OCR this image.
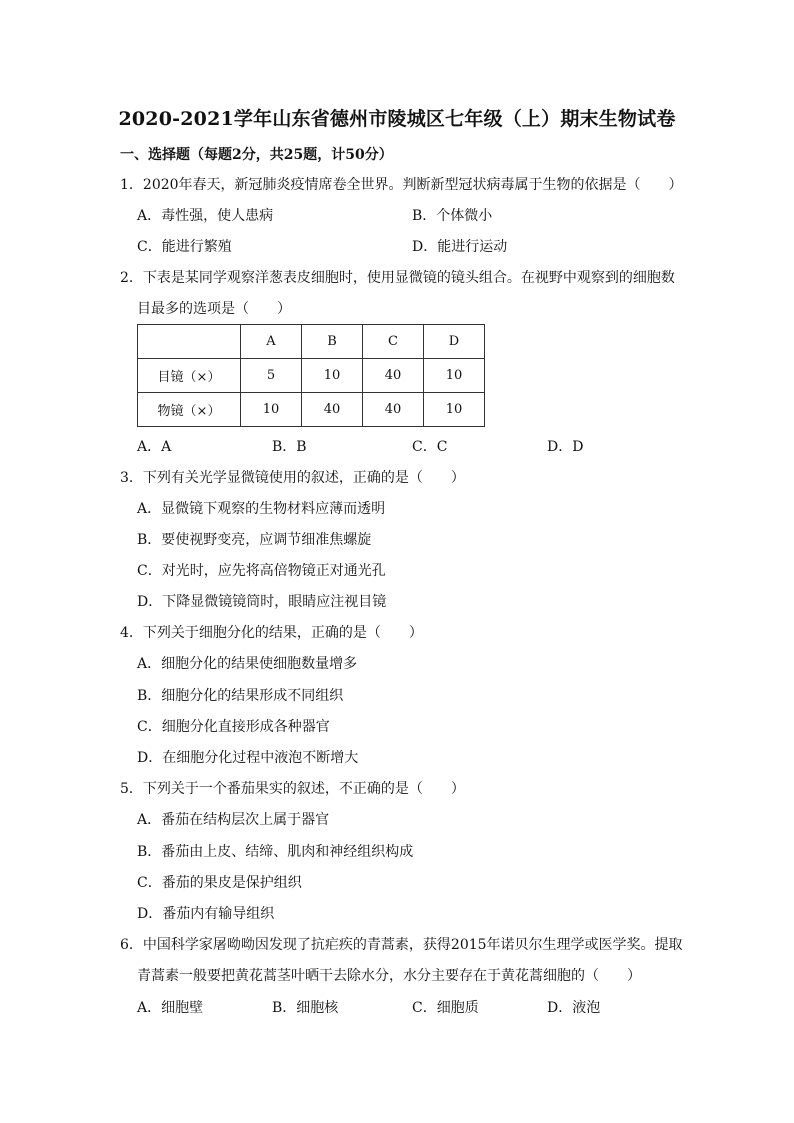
2020-2021学年山东省德州市陵城区七年级（上）期末生物试卷
一、选择题（每题2分，共25题，计50分）
1．2020年春天，新冠肺炎疫情席卷全世界。判断新型冠状病毒属于生物的依据是（　　）
A．毒性强，使人患病	B．个体微小
C．能进行繁殖	D．能进行运动
2．下表是某同学观察洋葱表皮细胞时，使用显微镜的镜头组合。在视野中观察到的细胞数
目最多的选项是（　　）
	A	B	C	D
目镜（×）	5	10	40	10
物镜（×）	10	40	40	10
A．A	B．B	C．C	D．D
3．下列有关光学显微镜使用的叙述，正确的是（　　）
A．显微镜下观察的生物材料应薄而透明
B．要使视野变亮，应调节细准焦螺旋
C．对光时，应先将高倍物镜正对通光孔
D．下降显微镜镜筒时，眼睛应注视目镜
4．下列关于细胞分化的结果，正确的是（　　）
A．细胞分化的结果使细胞数量增多
B．细胞分化的结果形成不同组织
C．细胞分化直接形成各种器官
D．在细胞分化过程中液泡不断增大
5．下列关于一个番茄果实的叙述，不正确的是（　　）
A．番茄在结构层次上属于器官
B．番茄由上皮、结缔、肌肉和神经组织构成
C．番茄的果皮是保护组织
D．番茄内有输导组织
6．中国科学家屠呦呦因发现了抗疟疾的青蒿素，获得2015年诺贝尔生理学或医学奖。提取
青蒿素一般要把黄花蒿茎叶晒干去除水分，水分主要存在于黄花蒿细胞的（　　）
A．细胞壁	B．细胞核	C．细胞质	D．液泡
